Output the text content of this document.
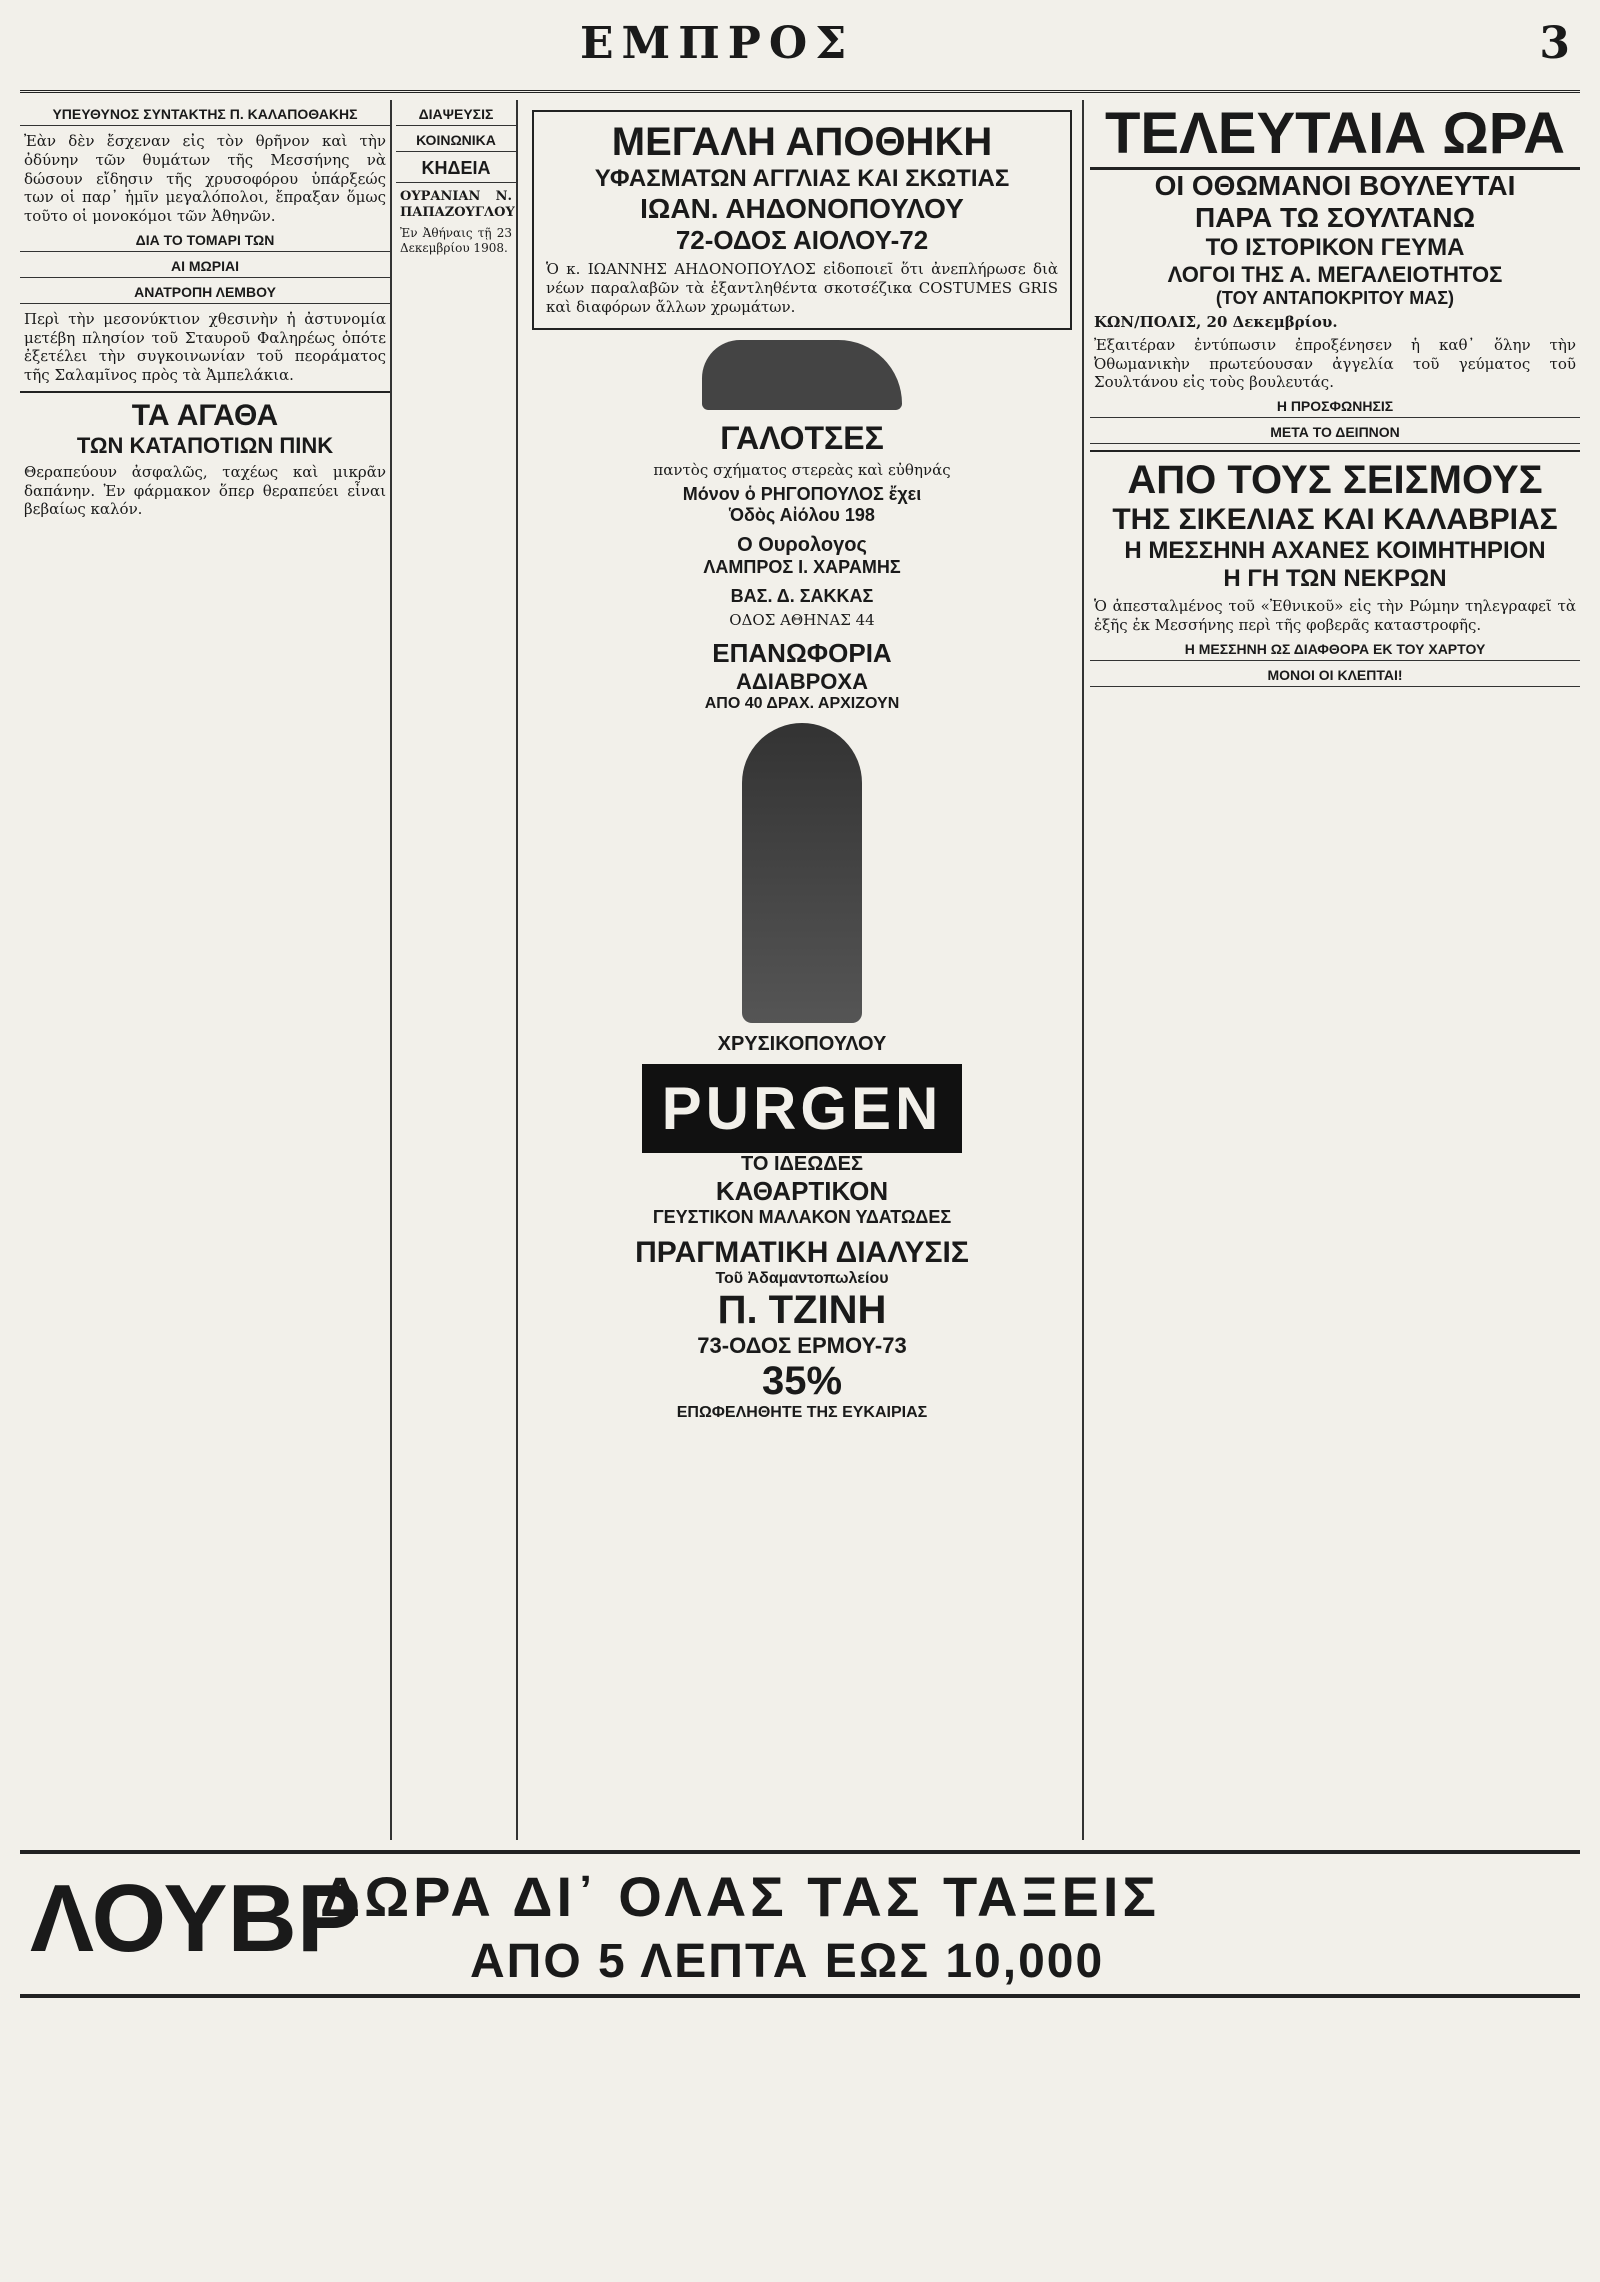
ΕΜΠΡΟΣ	3
ΥΠΕΥΘΥΝΟΣ ΣΥΝΤΑΚΤΗΣ Π. ΚΑΛΑΠΟΘΑΚΗΣ

Ἐὰν δὲν ἔσχεναν εἰς τὸν θρῆνον καὶ τὴν ὀδύνην τῶν θυμάτων τῆς Μεσσήνης νὰ δώσουν εἴδησιν τῆς χρυσοφόρου ὑπάρξεώς των οἱ παρ᾽ ἡμῖν μεγαλόπολοι, ἔπραξαν ὅμως τοῦτο οἱ μονοκόμοι τῶν Ἀθηνῶν.

ΔΙΑ ΤΟ ΤΟΜΑΡΙ ΤΩΝ
ΑΙ ΜΩΡΙΑΙ
ΑΝΑΤΡΟΠΗ ΛΕΜΒΟΥ

Περὶ τὴν μεσονύκτιον χθεσινὴν ἡ ἀστυνομία μετέβη πλησίον τοῦ Σταυροῦ Φαληρέως ὁπότε ἐξετέλει τὴν συγκοινωνίαν τοῦ πεοράματος τῆς Σαλαμῖνος πρὸς τὰ Ἀμπελάκια.

ΤΑ ΑΓΑΘΑ
ΤΩΝ ΚΑΤΑΠΟΤΙΩΝ ΠΙΝΚ

Θεραπεύουν ἀσφαλῶς, ταχέως καὶ μικρᾶν δαπάνην. Ἐν φάρμακον ὅπερ θεραπεύει εἶναι βεβαίως καλόν.

ΔΙΑΨΕΥΣΙΣ
ΚΟΙΝΩΝΙΚΑ
ΚΗΔΕΙΑ

ΟΥΡΑΝΙΑΝ Ν. ΠΑΠΑΖΟΥΓΛΟΥ

Ἐν Ἀθήναις τῇ 23 Δεκεμβρίου 1908.

ΜΕΓΑΛΗ ΑΠΟΘΗΚΗ
ΥΦΑΣΜΑΤΩΝ ΑΓΓΛΙΑΣ ΚΑΙ ΣΚΩΤΙΑΣ
ΙΩΑΝ. ΑΗΔΟΝΟΠΟΥΛΟΥ
72-ΟΔΟΣ ΑΙΟΛΟΥ-72

Ὁ κ. ΙΩΑΝΝΗΣ ΑΗΔΟΝΟΠΟΥΛΟΣ εἰδοποιεῖ ὅτι ἀνεπλήρωσε διὰ νέων παραλαβῶν τὰ ἐξαντληθέντα σκοτσέζικα COSTUMES GRIS καὶ διαφόρων ἄλλων χρωμάτων.

ΓΑΛΟΤΣΕΣ
παντὸς σχήματος στερεὰς καὶ εὐθηνάς
Μόνον ὁ ΡΗΓΟΠΟΥΛΟΣ ἔχει
Ὁδὸς Αἰόλου 198
Ο Ουρολογος
ΛΑΜΠΡΟΣ Ι. ΧΑΡΑΜΗΣ
ΒΑΣ. Δ. ΣΑΚΚΑΣ
ΟΔΟΣ ΑΘΗΝΑΣ 44
ΕΠΑΝΩΦΟΡΙΑ
ΑΔΙΑΒΡΟΧΑ
ΑΠΟ 40 ΔΡΑΧ. ΑΡΧΙΖΟΥΝ
ΧΡΥΣΙΚΟΠΟΥΛΟΥ
PURGEN
ΤΟ ΙΔΕΩΔΕΣ
ΚΑΘΑΡΤΙΚΟΝ
ΓΕΥΣΤΙΚΟΝ ΜΑΛΑΚΟΝ ΥΔΑΤΩΔΕΣ
ΠΡΑΓΜΑΤΙΚΗ ΔΙΑΛΥΣΙΣ
Τοῦ Ἀδαμαντοπωλείου
Π. ΤΖΙΝΗ
73-ΟΔΟΣ ΕΡΜΟΥ-73
35%
ΕΠΩΦΕΛΗΘΗΤΕ ΤΗΣ ΕΥΚΑΙΡΙΑΣ
ΤΕΛΕΥΤΑΙΑ ΩΡΑ
ΟΙ ΟΘΩΜΑΝΟΙ ΒΟΥΛΕΥΤΑΙ
ΠΑΡΑ ΤΩ ΣΟΥΛΤΑΝΩ
ΤΟ ΙΣΤΟΡΙΚΟΝ ΓΕΥΜΑ
ΛΟΓΟΙ ΤΗΣ Α. ΜΕΓΑΛΕΙΟΤΗΤΟΣ
(ΤΟΥ ΑΝΤΑΠΟΚΡΙΤΟΥ ΜΑΣ)

ΚΩΝ/ΠΟΛΙΣ, 20 Δεκεμβρίου.

Ἐξαιτέραν ἐντύπωσιν ἐπροξένησεν ἡ καθ᾽ ὅλην τὴν Ὀθωμανικὴν πρωτεύουσαν ἀγγελία τοῦ γεύματος τοῦ Σουλτάνου εἰς τοὺς βουλευτάς.

Η ΠΡΟΣΦΩΝΗΣΙΣ
ΜΕΤΑ ΤΟ ΔΕΙΠΝΟΝ
ΑΠΟ ΤΟΥΣ ΣΕΙΣΜΟΥΣ
ΤΗΣ ΣΙΚΕΛΙΑΣ ΚΑΙ ΚΑΛΑΒΡΙΑΣ
Η ΜΕΣΣΗΝΗ ΑΧΑΝΕΣ ΚΟΙΜΗΤΗΡΙΟΝ
Η ΓΗ ΤΩΝ ΝΕΚΡΩΝ

Ὁ ἀπεσταλμένος τοῦ «Ἐθνικοῦ» εἰς τὴν Ρώμην τηλεγραφεῖ τὰ ἑξῆς ἐκ Μεσσήνης περὶ τῆς φοβερᾶς καταστροφῆς.

Η ΜΕΣΣΗΝΗ ΩΣ ΔΙΑΦΘΟΡΑ ΕΚ ΤΟΥ ΧΑΡΤΟΥ
ΜΟΝΟΙ ΟΙ ΚΛΕΠΤΑΙ!
ΛΟΥΒΡ
ΔΩΡΑ ΔΙ᾽ ΟΛΑΣ ΤΑΣ ΤΑΞΕΙΣ
ΑΠΟ 5 ΛΕΠΤΑ ΕΩΣ 10,000
